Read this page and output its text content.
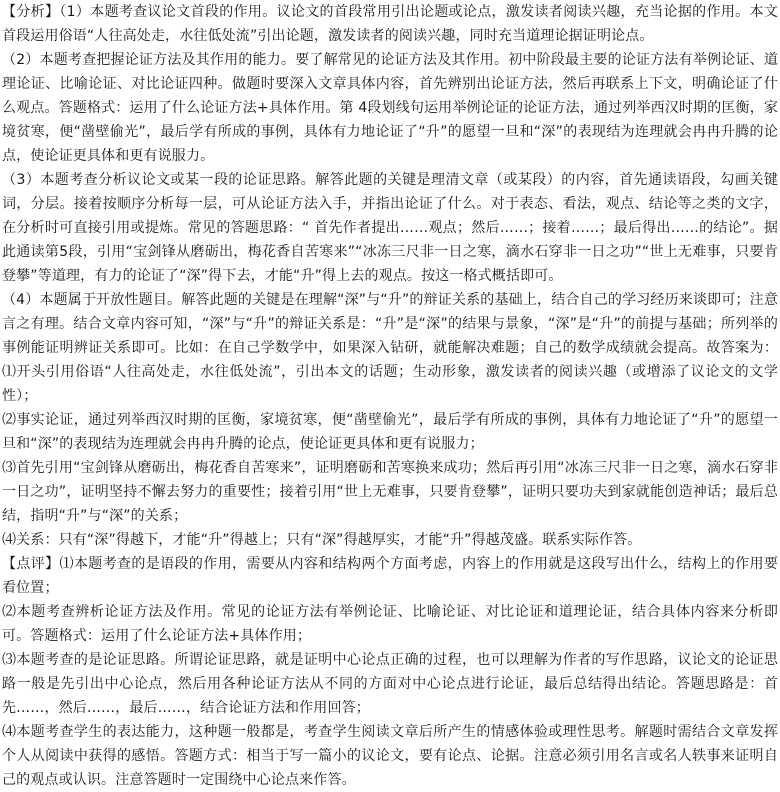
【分析】（1）本题考查议论文首段的作用。议论文的首段常用引出论题或论点，激发读者阅读兴趣，充当论据的作用。本文首段运用俗语“人往高处走，水往低处流”引出论题，激发读者的阅读兴趣，同时充当道理论据证明论点。

（2）本题考查把握论证方法及其作用的能力。要了解常见的论证方法及其作用。初中阶段最主要的论证方法有举例论证、道理论证、比喻论证、对比论证四种。做题时要深入文章具体内容，首先辨别出论证方法，然后再联系上下文，明确论证了什么观点。答题格式：运用了什么论证方法+具体作用。第 4段划线句运用举例论证的论证方法，通过列举西汉时期的匡衡，家境贫寒，便“凿壁偷光”，最后学有所成的事例，具体有力地论证了“升”的愿望一旦和“深”的表现结为连理就会冉冉升腾的论点，使论证更具体和更有说服力。

（3）本题考查分析议论文或某一段的论证思路。解答此题的关键是理清文章（或某段）的内容，首先通读语段，勾画关键词，分层。接着按顺序分析每一层，可从论证方法入手，并指出论证了什么。对于表态、看法，观点、结论等之类的文字，在分析时可直接引用或提炼。常见的答题思路：“ 首先作者提出……观点；然后……；接着……；最后得出……的结论”。据此通读第5段，引用“宝剑锋从磨砺出，梅花香自苦寒来”“冰冻三尺非一日之寒，滴水石穿非一日之功”“世上无难事，只要肯登攀”等道理，有力的论证了“深”得下去，才能“升”得上去的观点。按这一格式概括即可。

（4）本题属于开放性题目。解答此题的关键是在理解“深”与“升”的辩证关系的基础上，结合自己的学习经历来谈即可；注意言之有理。结合文章内容可知，“深”与“升”的辩证关系是：“升”是“深”的结果与景象，“深”是“升”的前提与基础；所列举的事例能证明辨证关系即可。比如：在自己学数学中，如果深入钻研，就能解决难题；自己的数学成绩就会提高。故答案为：⑴开头引用俗语“人往高处走，水往低处流”，引出本文的话题；生动形象，激发读者的阅读兴趣（或增添了议论文的文学性）；

⑵事实论证，通过列举西汉时期的匡衡，家境贫寒，便“凿壁偷光”，最后学有所成的事例，具体有力地论证了“升”的愿望一旦和“深”的表现结为连理就会冉冉升腾的论点，使论证更具体和更有说服力；

⑶首先引用“宝剑锋从磨砺出，梅花香自苦寒来”，证明磨砺和苦寒换来成功；然后再引用“冰冻三尺非一日之寒，滴水石穿非一日之功”，证明坚持不懈去努力的重要性；接着引用“世上无难事，只要肯登攀”，证明只要功夫到家就能创造神话；最后总结，指明“升”与“深”的关系；

⑷关系：只有“深”得越下，才能“升”得越上；只有“深”得越厚实，才能“升”得越茂盛。联系实际作答。

【点评】⑴本题考查的是语段的作用，需要从内容和结构两个方面考虑，内容上的作用就是这段写出什么，结构上的作用要看位置；

⑵本题考查辨析论证方法及作用。常见的论证方法有举例论证、比喻论证、对比论证和道理论证，结合具体内容来分析即可。答题格式：运用了什么论证方法+具体作用；

⑶本题考查的是论证思路。所谓论证思路，就是证明中心论点正确的过程，也可以理解为作者的写作思路，议论文的论证思路一般是先引出中心论点，然后用各种论证方法从不同的方面对中心论点进行论证，最后总结得出结论。答题思路是：首先……，然后……，最后……，结合论证方法和作用回答；

⑷本题考查学生的表达能力，这种题一般都是，考查学生阅读文章后所产生的情感体验或理性思考。解题时需结合文章发挥个人从阅读中获得的感悟。答题方式：相当于写一篇小的议论文，要有论点、论据。注意必须引用名言或名人轶事来证明自己的观点或认识。注意答题时一定围绕中心论点来作答。
